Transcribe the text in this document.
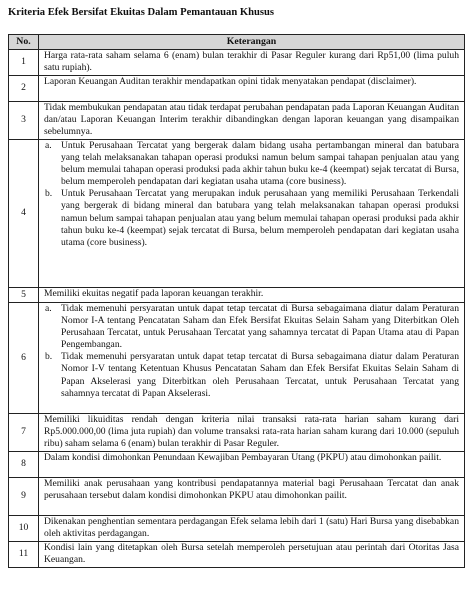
Kriteria Efek Bersifat Ekuitas Dalam Pemantauan Khusus
No.	Keterangan
1	Harga rata-rata saham selama 6 (enam) bulan terakhir di Pasar Reguler kurang dari Rp51,00 (lima puluh satu rupiah).

2	Laporan Keuangan Auditan terakhir mendapatkan opini tidak menyatakan pendapat (disclaimer).

3	Tidak membukukan pendapatan atau tidak terdapat perubahan pendapatan pada Laporan Keuangan Auditan dan/atau Laporan Keuangan Interim terakhir dibandingkan dengan laporan keuangan yang disampaikan sebelumnya.

4	a. Untuk Perusahaan Tercatat yang bergerak dalam bidang usaha pertambangan mineral dan batubara yang telah melaksanakan tahapan operasi produksi namun belum sampai tahapan penjualan atau yang belum memulai tahapan operasi produksi pada akhir tahun buku ke-4 (keempat) sejak tercatat di Bursa, belum memperoleh pendapatan dari kegiatan usaha utama (core business).
b. Untuk Perusahaan Tercatat yang merupakan induk perusahaan yang memiliki Perusahaan Terkendali yang bergerak di bidang mineral dan batubara yang telah melaksanakan tahapan operasi produksi namun belum sampai tahapan penjualan atau yang belum memulai tahapan operasi produksi pada akhir tahun buku ke-4 (keempat) sejak tercatat di Bursa, belum memperoleh pendapatan dari kegiatan usaha utama (core business).

5	Memiliki ekuitas negatif pada laporan keuangan terakhir.

6	a. Tidak memenuhi persyaratan untuk dapat tetap tercatat di Bursa sebagaimana diatur dalam Peraturan Nomor I-A tentang Pencatatan Saham dan Efek Bersifat Ekuitas Selain Saham yang Diterbitkan Oleh Perusahaan Tercatat, untuk Perusahaan Tercatat yang sahamnya tercatat di Papan Utama atau di Papan Pengembangan.
b. Tidak memenuhi persyaratan untuk dapat tetap tercatat di Bursa sebagaimana diatur dalam Peraturan Nomor I-V tentang Ketentuan Khusus Pencatatan Saham dan Efek Bersifat Ekuitas Selain Saham di Papan Akselerasi yang Diterbitkan oleh Perusahaan Tercatat, untuk Perusahaan Tercatat yang sahamnya tercatat di Papan Akselerasi.

7	Memiliki likuiditas rendah dengan kriteria nilai transaksi rata-rata harian saham kurang dari Rp5.000.000,00 (lima juta rupiah) dan volume transaksi rata-rata harian saham kurang dari 10.000 (sepuluh ribu) saham selama 6 (enam) bulan terakhir di Pasar Reguler.

8	Dalam kondisi dimohonkan Penundaan Kewajiban Pembayaran Utang (PKPU) atau dimohonkan pailit.

9	Memiliki anak perusahaan yang kontribusi pendapatannya material bagi Perusahaan Tercatat dan anak perusahaan tersebut dalam kondisi dimohonkan PKPU atau dimohonkan pailit.

10	Dikenakan penghentian sementara perdagangan Efek selama lebih dari 1 (satu) Hari Bursa yang disebabkan oleh aktivitas perdagangan.

11	Kondisi lain yang ditetapkan oleh Bursa setelah memperoleh persetujuan atau perintah dari Otoritas Jasa Keuangan.
